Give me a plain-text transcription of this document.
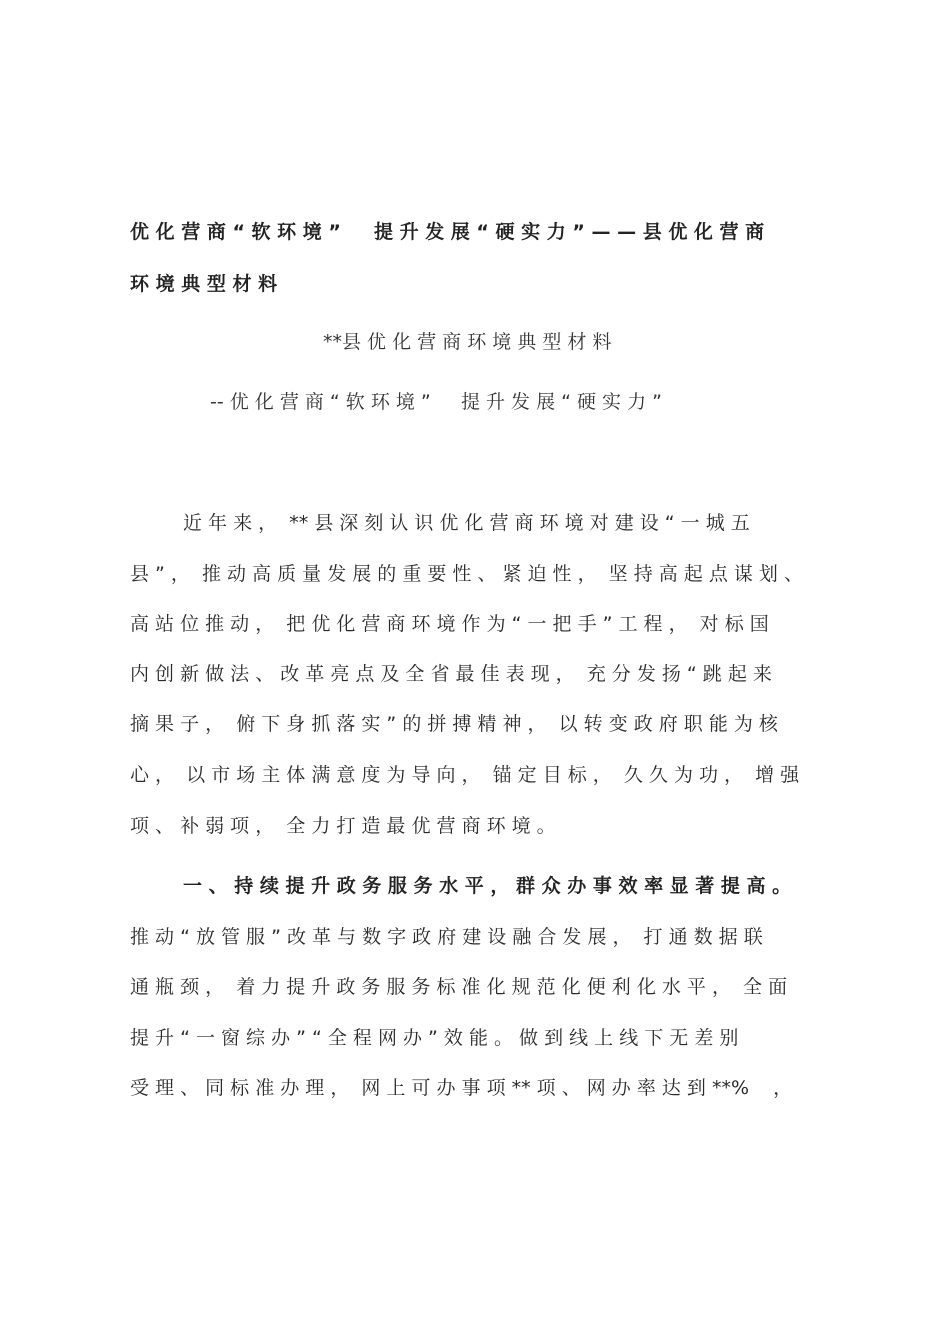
优 化 营 商 “ 软 环 境 ”     提 升 发 展 “ 硬 实 力 ” — — 县 优 化 营 商
环 境 典 型 材 料
**县 优 化 营 商 环 境 典 型 材 料
-- 优 化 营 商 “ 软 环 境 ”     提 升 发 展 “ 硬 实 力 ”
近 年 来 ，  ** 县 深 刻 认 识 优 化 营 商 环 境 对 建 设 “ 一 城 五
县 ” ，  推 动 高 质 量 发 展 的 重 要 性 、 紧 迫 性 ，  坚 持 高 起 点 谋 划 、
高 站 位 推 动 ，  把 优 化 营 商 环 境 作 为 “ 一 把 手 ” 工 程 ，  对 标 国
内 创 新 做 法 、 改 革 亮 点 及 全 省 最 佳 表 现 ，  充 分 发 扬 “ 跳 起 来
摘 果 子 ，  俯 下 身 抓 落 实 ” 的 拼 搏 精 神 ，  以 转 变 政 府 职 能 为 核
心 ，  以 市 场 主 体 满 意 度 为 导 向 ，  锚 定 目 标 ，  久 久 为 功 ，  增 强
项 、 补 弱 项 ，  全 力 打 造 最 优 营 商 环 境 。
一 、 持 续 提 升 政 务 服 务 水 平 ， 群 众 办 事 效 率 显 著 提 高 。
推 动 “ 放 管 服 ” 改 革 与 数 字 政 府 建 设 融 合 发 展 ，  打 通 数 据 联
通 瓶 颈 ，  着 力 提 升 政 务 服 务 标 准 化 规 范 化 便 利 化 水 平 ，  全 面
提 升 “ 一 窗 综 办 ” “ 全 程 网 办 ” 效 能 。 做 到 线 上 线 下 无 差 别
受 理 、 同 标 准 办 理 ，  网 上 可 办 事 项 ** 项 、 网 办 率 达 到 **%    ，
